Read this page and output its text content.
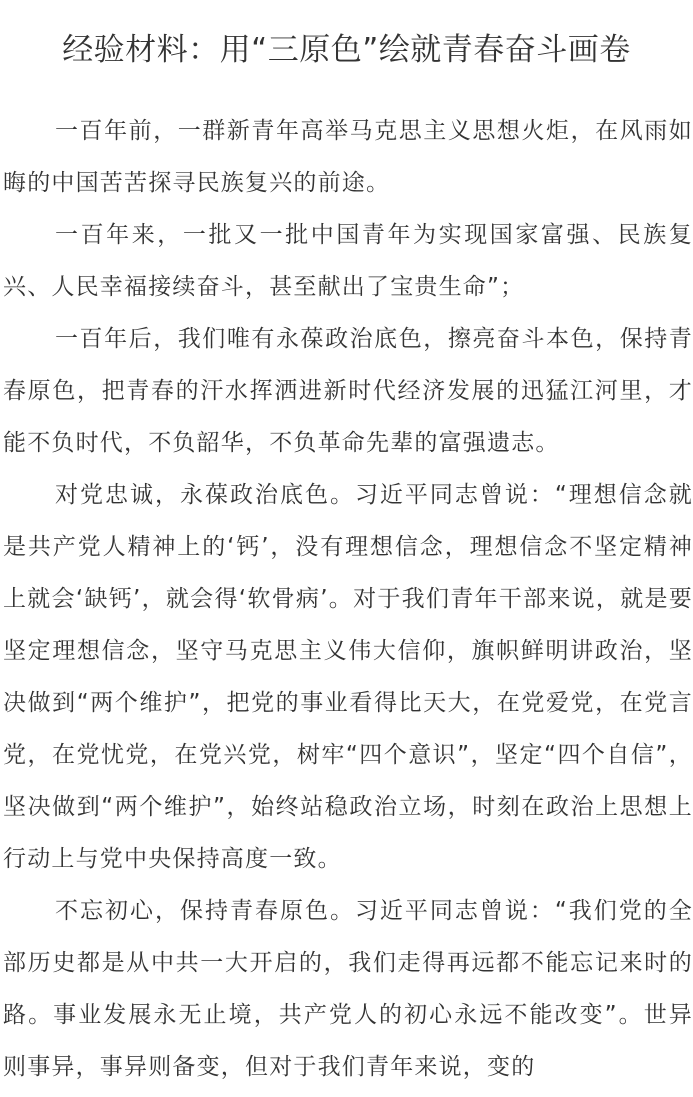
经验材料：用“三原色”绘就青春奋斗画卷

一百年前，一群新青年高举马克思主义思想火炬，在风雨如晦的中国苦苦探寻民族复兴的前途。

一百年来，一批又一批中国青年为实现国家富强、民族复兴、人民幸福接续奋斗，甚至献出了宝贵生命”；

一百年后，我们唯有永葆政治底色，擦亮奋斗本色，保持青春原色，把青春的汗水挥洒进新时代经济发展的迅猛江河里，才能不负时代，不负韶华，不负革命先辈的富强遗志。

对党忠诚，永葆政治底色。习近平同志曾说：“理想信念就是共产党人精神上的‘钙’，没有理想信念，理想信念不坚定精神上就会‘缺钙’，就会得‘软骨病’。对于我们青年干部来说，就是要坚定理想信念，坚守马克思主义伟大信仰，旗帜鲜明讲政治，坚决做到“两个维护”，把党的事业看得比天大，在党爱党，在党言党，在党忧党，在党兴党，树牢“四个意识”，坚定“四个自信”，坚决做到“两个维护”，始终站稳政治立场，时刻在政治上思想上行动上与党中央保持高度一致。

不忘初心，保持青春原色。习近平同志曾说：“我们党的全部历史都是从中共一大开启的，我们走得再远都不能忘记来时的路。事业发展永无止境，共产党人的初心永远不能改变”。世异则事异，事异则备变，但对于我们青年来说，变的
